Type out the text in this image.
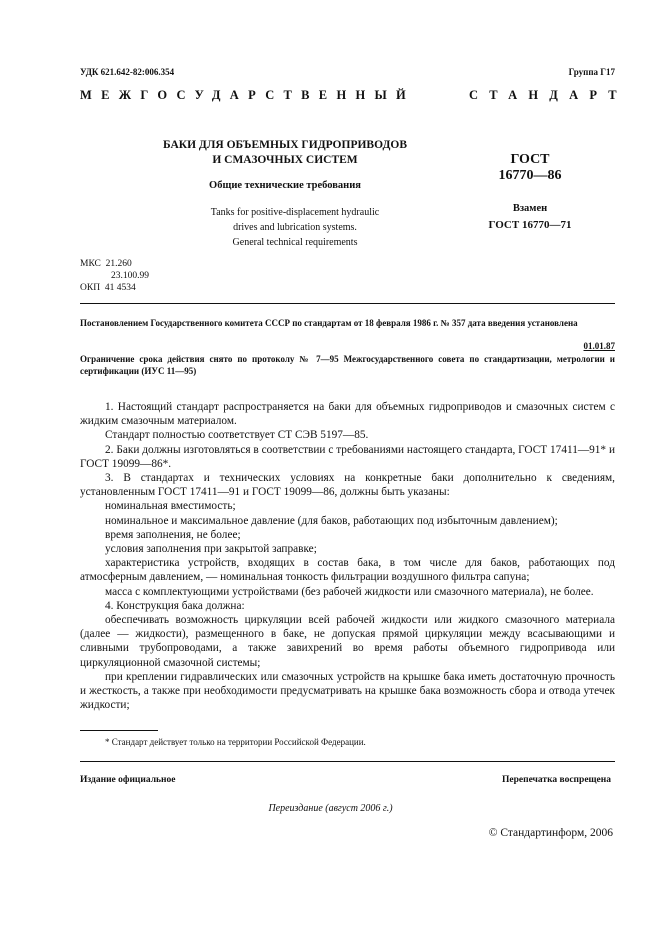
УДК 621.642-82:006.354	Группа Г17
МЕЖГОСУДАРСТВЕННЫЙ	СТАНДАРТ
БАКИ ДЛЯ ОБЪЕМНЫХ ГИДРОПРИВОДОВ
И СМАЗОЧНЫХ СИСТЕМ
Общие технические требования
ГОСТ
16770—86
Взамен
ГОСТ 16770—71
Tanks for positive-displacement hydraulic
drives and lubrication systems.
General technical requirements
МКС 21.260
23.100.99
ОКП 41 4534
Постановлением Государственного комитета СССР по стандартам от 18 февраля 1986 г. № 357 дата введения установлена
01.01.87
Ограничение срока действия снято по протоколу № 7—95 Межгосударственного совета по стандартизации, метрологии и сертификации (ИУС 11—95)

1. Настоящий стандарт распространяется на баки для объемных гидроприводов и смазочных систем с жидким смазочным материалом.

Стандарт полностью соответствует СТ СЭВ 5197—85.

2. Баки должны изготовляться в соответствии с требованиями настоящего стандарта, ГОСТ 17411—91* и ГОСТ 19099—86*.

3. В стандартах и технических условиях на конкретные баки дополнительно к сведениям, установленным ГОСТ 17411—91 и ГОСТ 19099—86, должны быть указаны:

номинальная вместимость;

номинальное и максимальное давление (для баков, работающих под избыточным давлением);

время заполнения, не более;

условия заполнения при закрытой заправке;

характеристика устройств, входящих в состав бака, в том числе для баков, работающих под атмосферным давлением, — номинальная тонкость фильтрации воздушного фильтра сапуна;

масса с комплектующими устройствами (без рабочей жидкости или смазочного материала), не более.

4. Конструкция бака должна:

обеспечивать возможность циркуляции всей рабочей жидкости или жидкого смазочного материала (далее — жидкости), размещенного в баке, не допуская прямой циркуляции между всасывающими и сливными трубопроводами, а также завихрений во время работы объемного гидропривода или циркуляционной смазочной системы;

при креплении гидравлических или смазочных устройств на крышке бака иметь достаточную прочность и жесткость, а также при необходимости предусматривать на крышке бака возможность сбора и отвода утечек жидкости;

* Стандарт действует только на территории Российской Федерации.
Издание официальное	Перепечатка воспрещена
Переиздание (август 2006 г.)
© Стандартинформ, 2006
